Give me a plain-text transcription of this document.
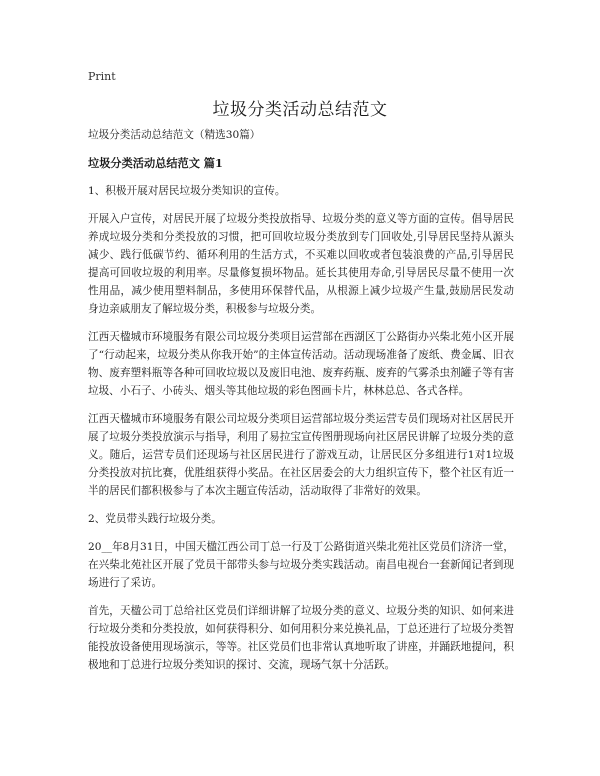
Print
垃圾分类活动总结范文

垃圾分类活动总结范文（精选30篇）

垃圾分类活动总结范文 篇1

1、积极开展对居民垃圾分类知识的宣传。

开展入户宣传，对居民开展了垃圾分类投放指导、垃圾分类的意义等方面的宣传。倡导居民养成垃圾分类和分类投放的习惯，把可回收垃圾分类放到专门回收处,引导居民坚持从源头减少、践行低碳节约、循环利用的生活方式，不买难以回收或者包装浪费的产品,引导居民提高可回收垃圾的利用率。尽量修复损坏物品。延长其使用寿命,引导居民尽量不使用一次性用品，减少使用塑料制品，多使用环保替代品，从根源上减少垃圾产生量,鼓励居民发动身边亲戚朋友了解垃圾分类，积极参与垃圾分类。

江西天楹城市环境服务有限公司垃圾分类项目运营部在西湖区丁公路街办兴柴北苑小区开展了“行动起来，垃圾分类从你我开始”的主体宣传活动。活动现场准备了废纸、费金属、旧衣物、废弃塑料瓶等各种可回收垃圾以及废旧电池、废弃药瓶、废弃的气雾杀虫剂罐子等有害垃圾、小石子、小砖头、烟头等其他垃圾的彩色图画卡片，林林总总、各式各样。

江西天楹城市环境服务有限公司垃圾分类项目运营部垃圾分类运营专员们现场对社区居民开展了垃圾分类投放演示与指导，利用了易拉宝宣传图册现场向社区居民讲解了垃圾分类的意义。随后，运营专员们还现场与社区居民进行了游戏互动，让居民区分多组进行1对1垃圾分类投放对抗比赛，优胜组获得小奖品。在社区居委会的大力组织宣传下，整个社区有近一半的居民们都积极参与了本次主题宣传活动，活动取得了非常好的效果。

2、党员带头践行垃圾分类。

20__年8月31日，中国天楹江西公司丁总一行及丁公路街道兴柴北苑社区党员们济济一堂，在兴柴北苑社区开展了党员干部带头参与垃圾分类实践活动。南昌电视台一套新闻记者到现场进行了采访。

首先，天楹公司丁总给社区党员们详细讲解了垃圾分类的意义、垃圾分类的知识、如何来进行垃圾分类和分类投放，如何获得积分、如何用积分来兑换礼品，丁总还进行了垃圾分类智能投放设备使用现场演示，等等。社区党员们也非常认真地听取了讲座，并踊跃地提问，积极地和丁总进行垃圾分类知识的探讨、交流，现场气氛十分活跃。
